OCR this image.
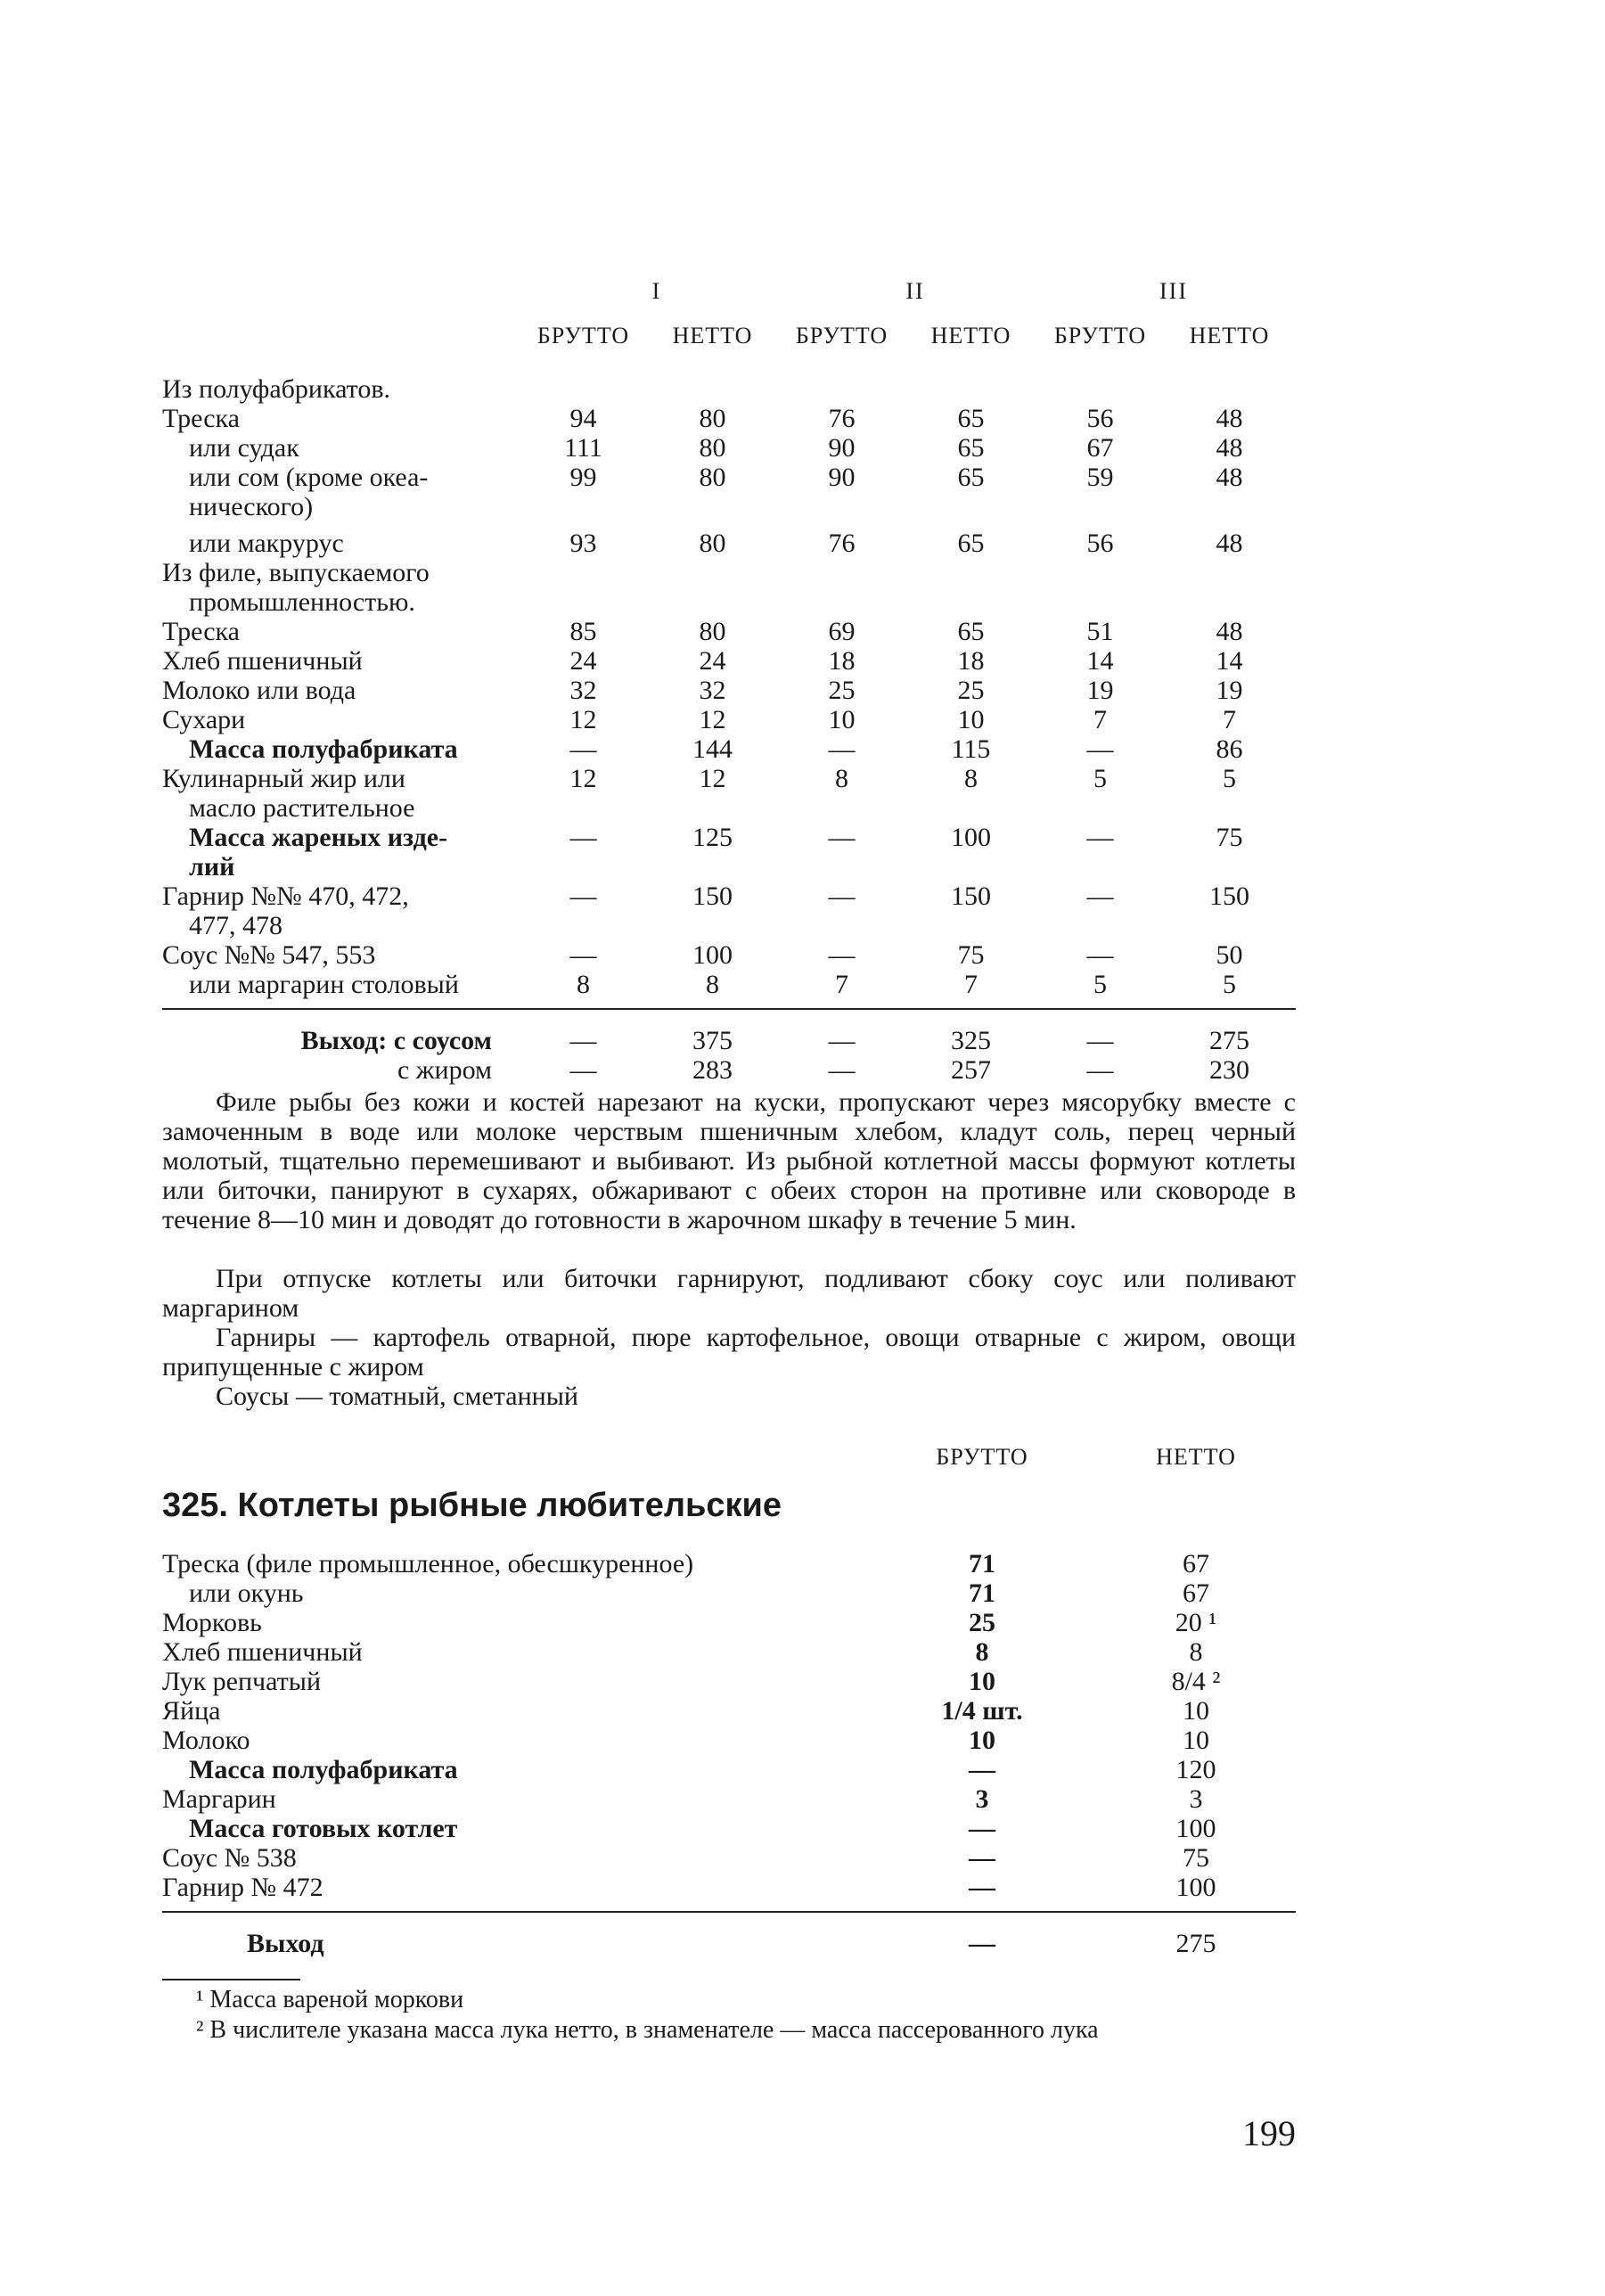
I	II	III
БРУТТО	НЕТТО	БРУТТО	НЕТТО	БРУТТО	НЕТТО
Из полуфабрикатов.
Треска	94	80	76	65	56	48
или судак	111	80	90	65	67	48
или сом (кроме океа-	99	80	90	65	59	48
нического)
или макрурус	93	80	76	65	56	48
Из филе, выпускаемого
промышленностью.
Треска	85	80	69	65	51	48
Хлеб пшеничный	24	24	18	18	14	14
Молоко или вода	32	32	25	25	19	19
Сухари	12	12	10	10	7	7
Масса полуфабриката	—	144	—	115	—	86
Кулинарный жир или	12	12	8	8	5	5
масло растительное
Масса жареных изде-	—	125	—	100	—	75
лий
Гарнир №№ 470, 472,	—	150	—	150	—	150
477, 478
Соус №№ 547, 553	—	100	—	75	—	50
или маргарин столовый	8	8	7	7	5	5
Выход: с соусом	—	375	—	325	—	275
с жиром	—	283	—	257	—	230
Филе рыбы без кожи и костей нарезают на куски, пропускают через мясорубку вместе с замоченным в воде или молоке черствым пшеничным хлебом, кладут соль, перец черный молотый, тщательно перемешивают и выбивают. Из рыбной котлетной массы формуют котлеты или биточки, панируют в сухарях, обжаривают с обеих сторон на противне или сковороде в течение 8—10 мин и доводят до готовности в жарочном шкафу в течение 5 мин.
При отпуске котлеты или биточки гарнируют, подливают сбоку соус или поливают маргарином
Гарниры — картофель отварной, пюре картофельное, овощи отварные с жиром, овощи припущенные с жиром
Соусы — томатный, сметанный
БРУТТО	НЕТТО
325. Котлеты рыбные любительские
Треска (филе промышленное, обесшкуренное)	71	67
или окунь	71	67
Морковь	25	20 ¹
Хлеб пшеничный	8	8
Лук репчатый	10	8/4 ²
Яйца	1/4 шт.	10
Молоко	10	10
Масса полуфабриката	—	120
Маргарин	3	3
Масса готовых котлет	—	100
Соус № 538	—	75
Гарнир № 472	—	100
Выход	—	275
¹ Масса вареной моркови
² В числителе указана масса лука нетто, в знаменателе — масса пассерованного лука
199
